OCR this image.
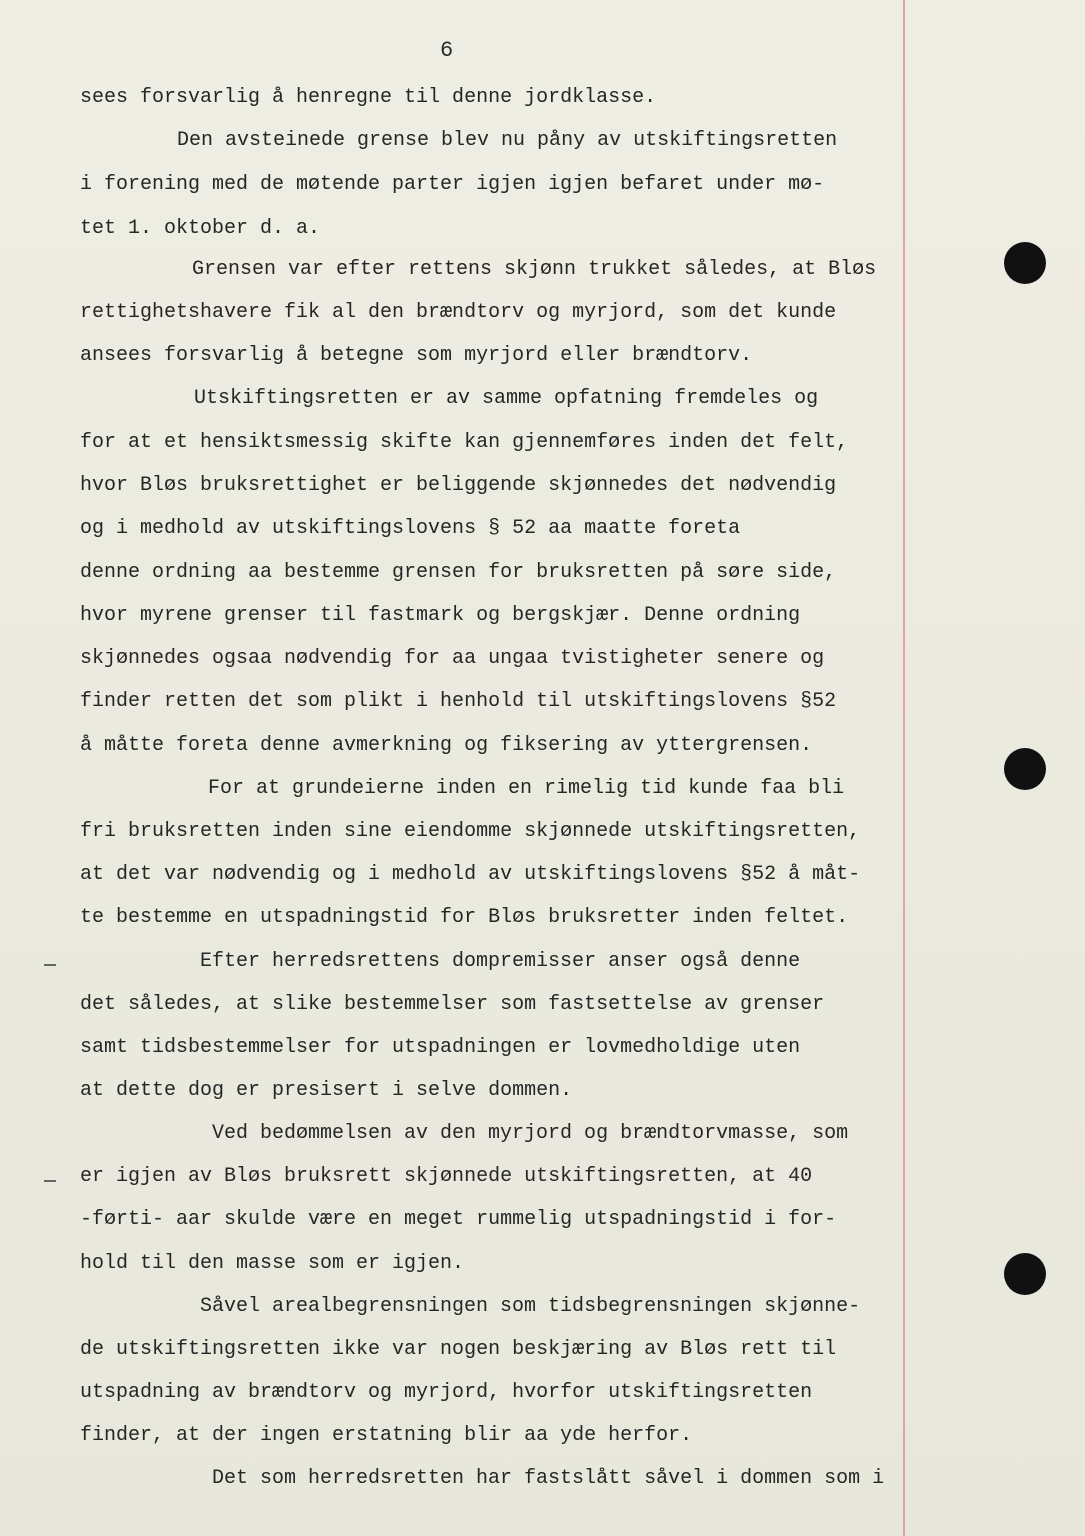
6
sees forsvarlig å henregne til denne jordklasse.
Den avsteinede grense blev nu påny av utskiftingsretten
i forening med de møtende parter igjen igjen befaret under mø-
tet 1. oktober d. a.
Grensen var efter rettens skjønn trukket således, at Bløs
rettighetshavere fik al den brændtorv og myrjord, som det kunde
ansees forsvarlig å betegne som myrjord eller brændtorv.
Utskiftingsretten er av samme opfatning fremdeles og
for at et hensiktsmessig skifte kan gjennemføres inden det felt,
hvor Bløs bruksrettighet er beliggende skjønnedes det nødvendig
og i medhold av utskiftingslovens § 52 aa maatte foreta
denne ordning aa bestemme grensen for bruksretten på søre side,
hvor myrene grenser til fastmark og bergskjær. Denne ordning
skjønnedes ogsaa nødvendig for aa ungaa tvistigheter senere og
finder retten det som plikt i henhold til utskiftingslovens §52
å måtte foreta denne avmerkning og fiksering av yttergrensen.
For at grundeierne inden en rimelig tid kunde faa bli
fri bruksretten inden sine eiendomme skjønnede utskiftingsretten,
at det var nødvendig og i medhold av utskiftingslovens §52 å måt-
te bestemme en utspadningstid for Bløs bruksretter inden feltet.
Efter herredsrettens dompremisser anser også denne
det således, at slike bestemmelser som fastsettelse av grenser
samt tidsbestemmelser for utspadningen er lovmedholdige uten
at dette dog er presisert i selve dommen.
Ved bedømmelsen av den myrjord og brændtorvmasse, som
er igjen av Bløs bruksrett skjønnede utskiftingsretten, at 40
-førti- aar skulde være en meget rummelig utspadningstid i for-
hold til den masse som er igjen.
Såvel arealbegrensningen som tidsbegrensningen skjønne-
de utskiftingsretten ikke var nogen beskjæring av Bløs rett til
utspadning av brændtorv og myrjord, hvorfor utskiftingsretten
finder, at der ingen erstatning blir aa yde herfor.
Det som herredsretten har fastslått såvel i dommen som i
